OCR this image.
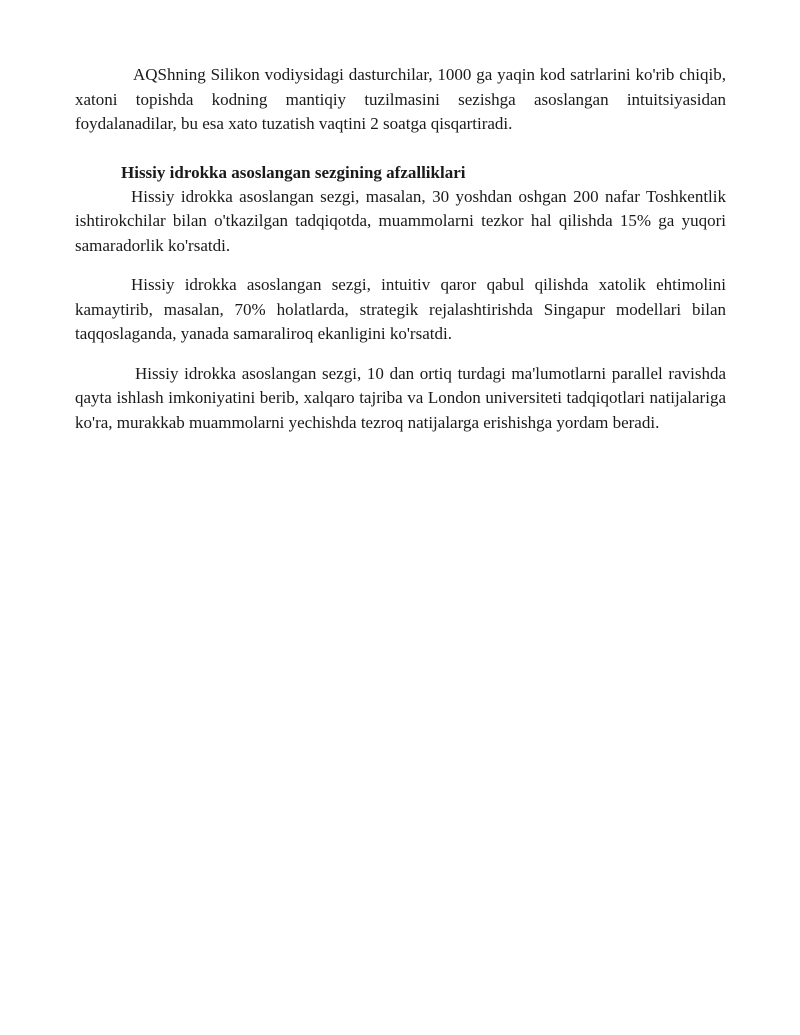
AQShning Silikon vodiysidagi dasturchilar, 1000 ga yaqin kod satrlarini ko'rib chiqib, xatoni topishda kodning mantiqiy tuzilmasini sezishga asoslangan intuitsiyasidan foydalanadilar, bu esa xato tuzatish vaqtini 2 soatga qisqartiradi.

Hissiy idrokka asoslangan sezgining afzalliklari

Hissiy idrokka asoslangan sezgi, masalan, 30 yoshdan oshgan 200 nafar Toshkentlik ishtirokchilar bilan o'tkazilgan tadqiqotda, muammolarni tezkor hal qilishda 15% ga yuqori samaradorlik ko'rsatdi.

Hissiy idrokka asoslangan sezgi, intuitiv qaror qabul qilishda xatolik ehtimolini kamaytirib, masalan, 70% holatlarda, strategik rejalashtirishda Singapur modellari bilan taqqoslaganda, yanada samaraliroq ekanligini ko'rsatdi.

Hissiy idrokka asoslangan sezgi, 10 dan ortiq turdagi ma'lumotlarni parallel ravishda qayta ishlash imkoniyatini berib, xalqaro tajriba va London universiteti tadqiqotlari natijalariga ko'ra, murakkab muammolarni yechishda tezroq natijalarga erishishga yordam beradi.
